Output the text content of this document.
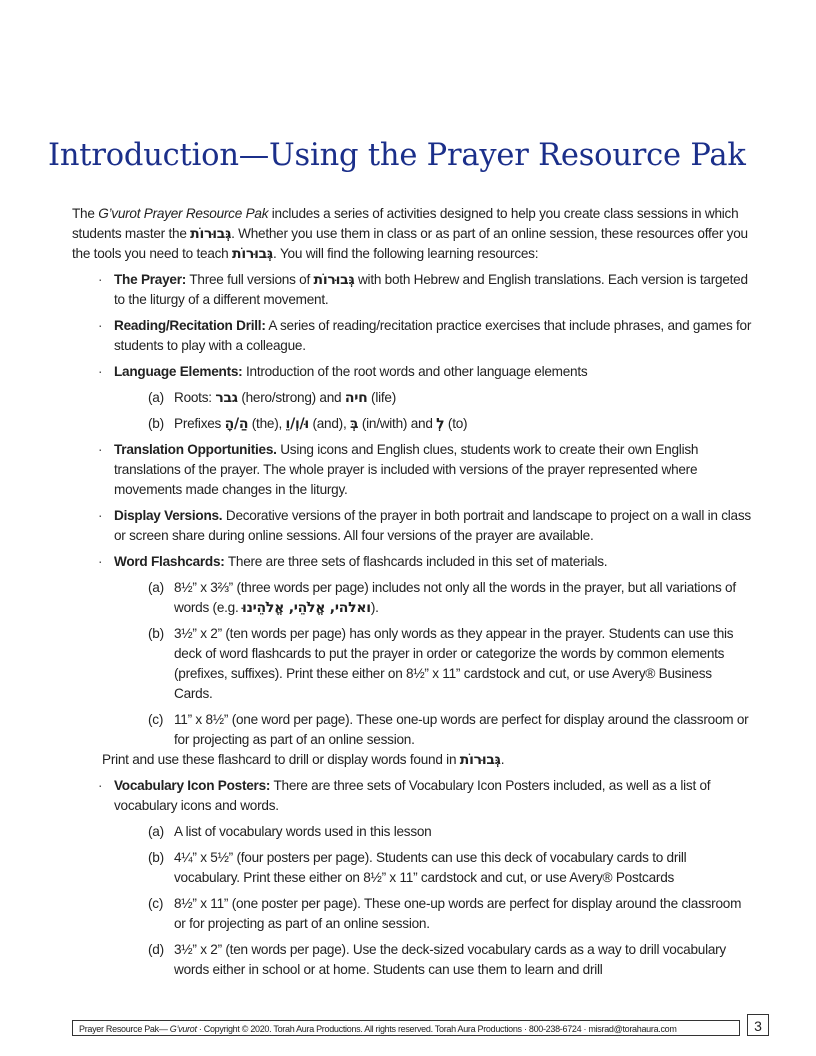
Introduction—Using the Prayer Resource Pak

The G’vurot Prayer Resource Pak includes a series of activities designed to help you create class sessions in which students master the גְּבוּרוֹת. Whether you use them in class or as part of an online session, these resources offer you the tools you need to teach גְּבוּרוֹת. You will find the following learning resources:

· The Prayer: Three full versions of גְּבוּרוֹת with both Hebrew and English translations. Each version is targeted to the liturgy of a different movement.
· Reading/Recitation Drill: A series of reading/recitation practice exercises that include phrases, and games for students to play with a colleague.
· Language Elements: Introduction of the root words and other language elements
(a) Roots: גבר (hero/strong) and חיה (life)
(b) Prefixes הַ/הָ (the), וּ/וְ/וֵ (and), בְּ (in/with) and לְ (to)
· Translation Opportunities. Using icons and English clues, students work to create their own English translations of the prayer. The whole prayer is included with versions of the prayer represented where movements made changes in the liturgy.
· Display Versions. Decorative versions of the prayer in both portrait and landscape to project on a wall in class or screen share during online sessions. All four versions of the prayer are available.
· Word Flashcards: There are three sets of flashcards included in this set of materials.
(a) 8½” x 3⅔” (three words per page) includes not only all the words in the prayer, but all variations of words (e.g. ואלהי, אֱלֹהֵי, אֱלֹהֵינוּ).
(b) 3½” x 2” (ten words per page) has only words as they appear in the prayer. Students can use this deck of word flashcards to put the prayer in order or categorize the words by common elements (prefixes, suffixes). Print these either on 8½” x 11” cardstock and cut, or use Avery® Business Cards.
(c) 11” x 8½” (one word per page). These one-up words are perfect for display around the classroom or for projecting as part of an online session.

Print and use these flashcard to drill or display words found in גְּבוּרוֹת.

· Vocabulary Icon Posters: There are three sets of Vocabulary Icon Posters included, as well as a list of vocabulary icons and words.
(a) A list of vocabulary words used in this lesson
(b) 4¼” x 5½” (four posters per page). Students can use this deck of vocabulary cards to drill vocabulary. Print these either on 8½” x 11” cardstock and cut, or use Avery® Postcards
(c) 8½” x 11” (one poster per page). These one-up words are perfect for display around the classroom or for projecting as part of an online session.
(d) 3½” x 2” (ten words per page). Use the deck-sized vocabulary cards as a way to drill vocabulary words either in school or at home. Students can use them to learn and drill
Prayer Resource Pak— G’vurot · Copyright © 2020. Torah Aura Productions. All rights reserved. Torah Aura Productions · 800-238-6724 · misrad@torahaura.com	3
